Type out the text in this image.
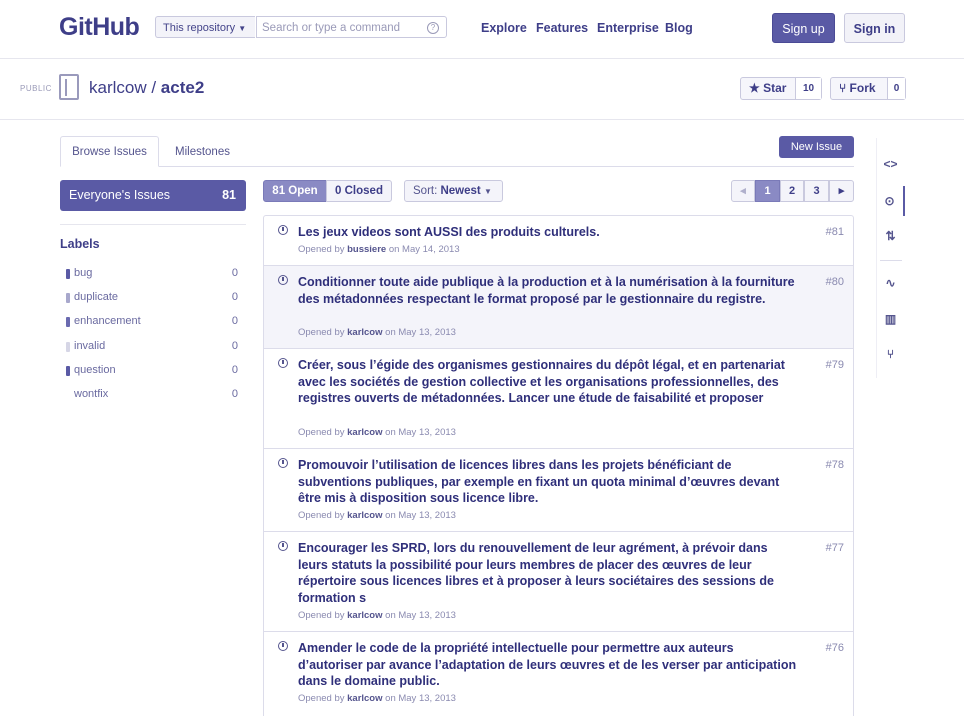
GitHub	This repository ▼	Search or type a command	?	Explore Features Enterprise Blog	Sign up	Sign in
PUBLIC karlcow / acte2	★ Star	10	⑂ Fork	0
Browse Issues	Milestones	New Issue
Everyone's Issues	81
Labels
bug	0
duplicate	0
enhancement	0
invalid	0
question	0
wontfix	0
81 Open	0 Closed	Sort: Newest ▼	◂	1	2	3	▸
Les jeux videos sont AUSSI des produits culturels.
Opened by bussiere on May 14, 2013
#81
Conditionner toute aide publique à la production et à la numérisation à la fourniture des métadonnées respectant le format proposé par le gestionnaire du registre.
Opened by karlcow on May 13, 2013
#80
Créer, sous l’égide des organismes gestionnaires du dépôt légal, et en partenariat avec les sociétés de gestion collective et les organisations professionnelles, des registres ouverts de métadonnées. Lancer une étude de faisabilité et proposer
Opened by karlcow on May 13, 2013
#79
Promouvoir l’utilisation de licences libres dans les projets bénéficiant de subventions publiques, par exemple en fixant un quota minimal d’œuvres devant être mis à disposition sous licence libre.
Opened by karlcow on May 13, 2013
#78
Encourager les SPRD, lors du renouvellement de leur agrément, à prévoir dans leurs statuts la possibilité pour leurs membres de placer des œuvres de leur répertoire sous licences libres et à proposer à leurs sociétaires des sessions de formation s
Opened by karlcow on May 13, 2013
#77
Amender le code de la propriété intellectuelle pour permettre aux auteurs d’autoriser par avance l’adaptation de leurs œuvres et de les verser par anticipation dans le domaine public.
Opened by karlcow on May 13, 2013
#76
<>
⊙
⇅
∿
▥
⑂
